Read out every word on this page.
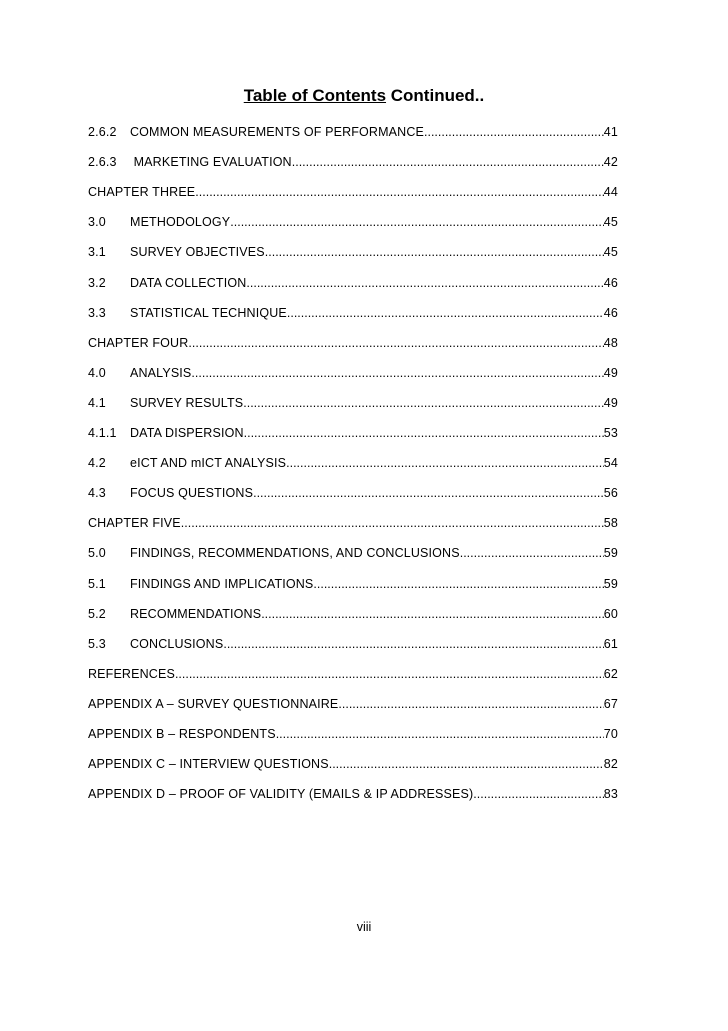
Table of Contents Continued..
2.6.2	COMMON MEASUREMENTS OF PERFORMANCE .....	41
2.6.3	MARKETING EVALUATION .....	42
CHAPTER THREE .....	44
3.0	METHODOLOGY .....	45
3.1	SURVEY OBJECTIVES .....	45
3.2	DATA COLLECTION .....	46
3.3	STATISTICAL TECHNIQUE .....	46
CHAPTER FOUR .....	48
4.0	ANALYSIS .....	49
4.1	SURVEY RESULTS .....	49
4.1.1	DATA DISPERSION .....	53
4.2	eICT AND mICT ANALYSIS .....	54
4.3	FOCUS QUESTIONS .....	56
CHAPTER FIVE .....	58
5.0	FINDINGS, RECOMMENDATIONS, AND CONCLUSIONS .....	59
5.1	FINDINGS AND IMPLICATIONS .....	59
5.2	RECOMMENDATIONS .....	60
5.3	CONCLUSIONS .....	61
REFERENCES .....	62
APPENDIX A – SURVEY QUESTIONNAIRE .....	67
APPENDIX B – RESPONDENTS .....	70
APPENDIX C – INTERVIEW QUESTIONS .....	82
APPENDIX D – PROOF OF VALIDITY (EMAILS & IP ADDRESSES) .....	83
viii
